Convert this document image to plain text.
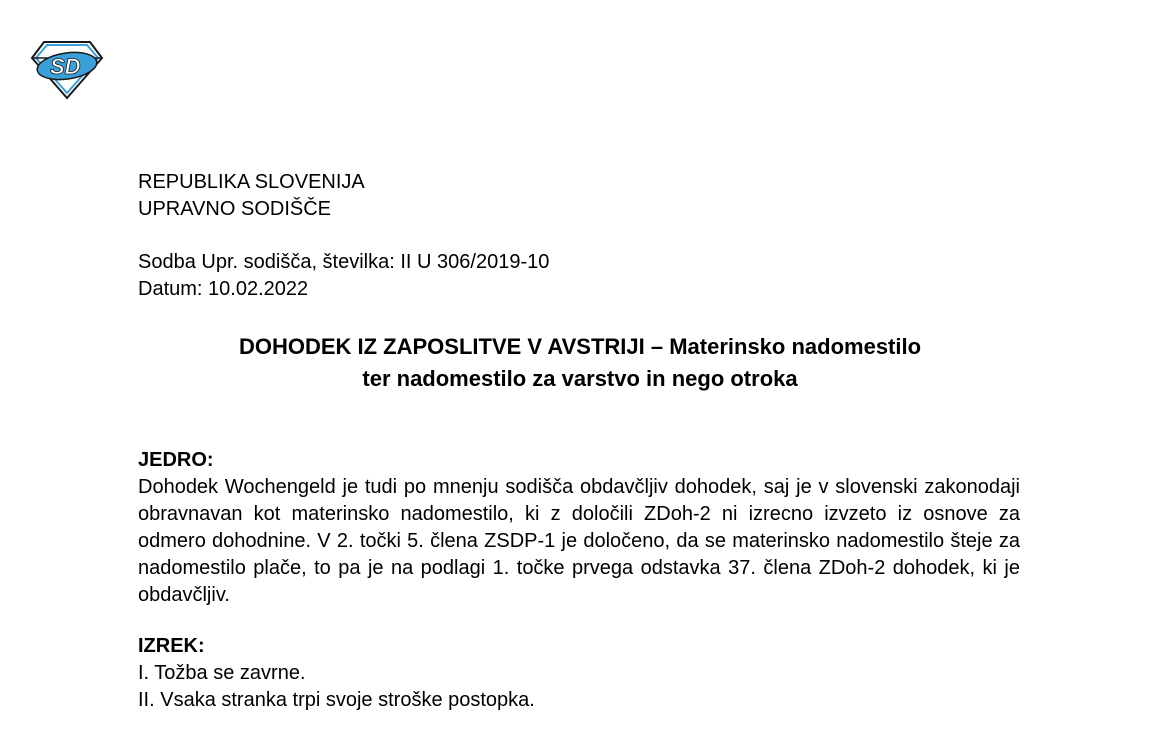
SD
REPUBLIKA SLOVENIJA
UPRAVNO SODIŠČE
Sodba Upr. sodišča, številka: II U 306/2019-10
Datum: 10.02.2022
DOHODEK IZ ZAPOSLITVE V AVSTRIJI – Materinsko nadomestilo
ter nadomestilo za varstvo in nego otroka
JEDRO:

Dohodek Wochengeld je tudi po mnenju sodišča obdavčljiv dohodek, saj je v slovenski zakonodaji obravnavan kot materinsko nadomestilo, ki z določili ZDoh-2 ni izrecno izvzeto iz osnove za odmero dohodnine. V 2. točki 5. člena ZSDP-1 je določeno, da se materinsko nadomestilo šteje za nadomestilo plače, to pa je na podlagi 1. točke prvega odstavka 37. člena ZDoh-2 dohodek, ki je obdavčljiv.

IZREK:
I. Tožba se zavrne.
II. Vsaka stranka trpi svoje stroške postopka.
